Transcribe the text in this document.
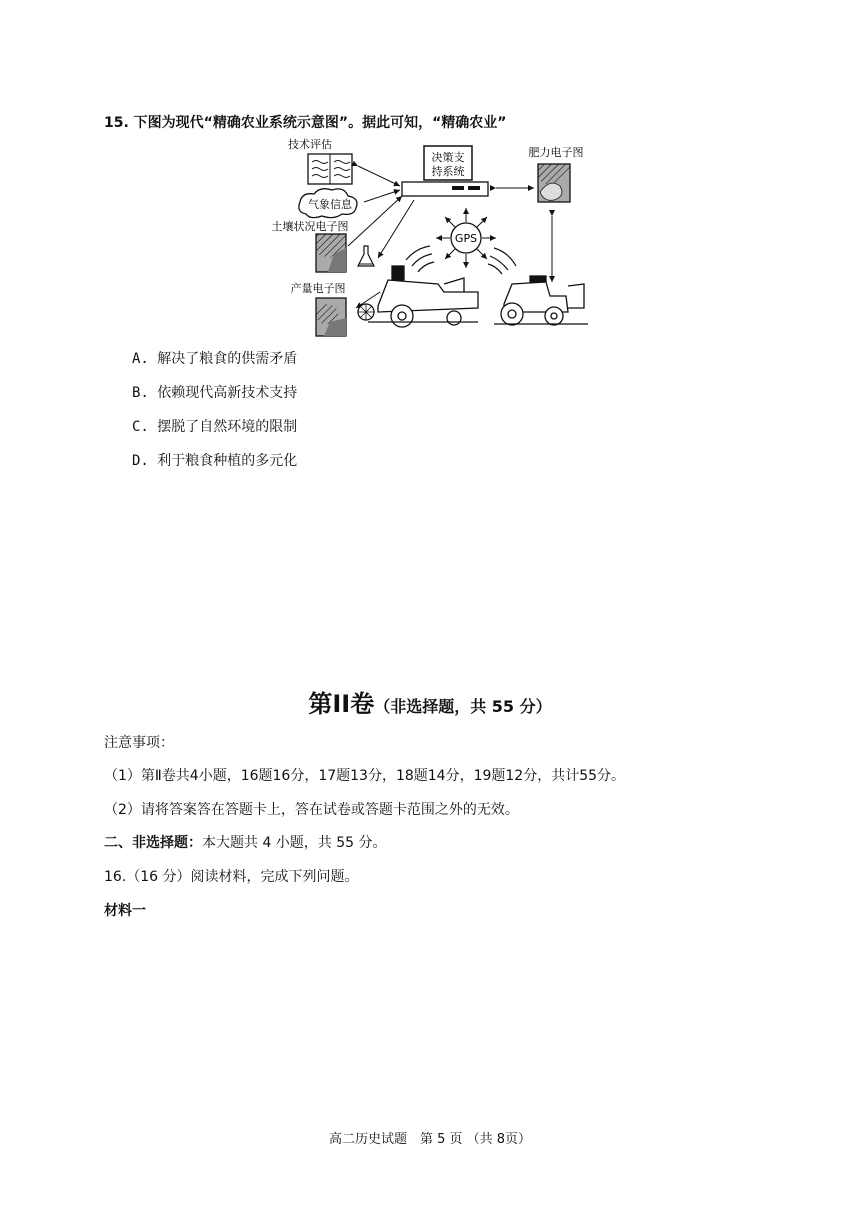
15. 下图为现代“精确农业系统示意图”。据此可知，“精确农业”
技术评估
气象信息
土壤状况电子图
产量电子图
决策支
持系统
肥力电子图
GPS
A. 解决了粮食的供需矛盾
B. 依赖现代高新技术支持
C. 摆脱了自然环境的限制
D. 利于粮食种植的多元化
第II卷（非选择题，共 55 分）
注意事项：
（1）第Ⅱ卷共4小题，16题16分，17题13分，18题14分，19题12分，共计55分。
（2）请将答案答在答题卡上，答在试卷或答题卡范围之外的无效。
二、非选择题：本大题共 4 小题，共 55 分。
16.（16 分）阅读材料，完成下列问题。
材料一
高二历史试题　第 5 页 （共 8页）
